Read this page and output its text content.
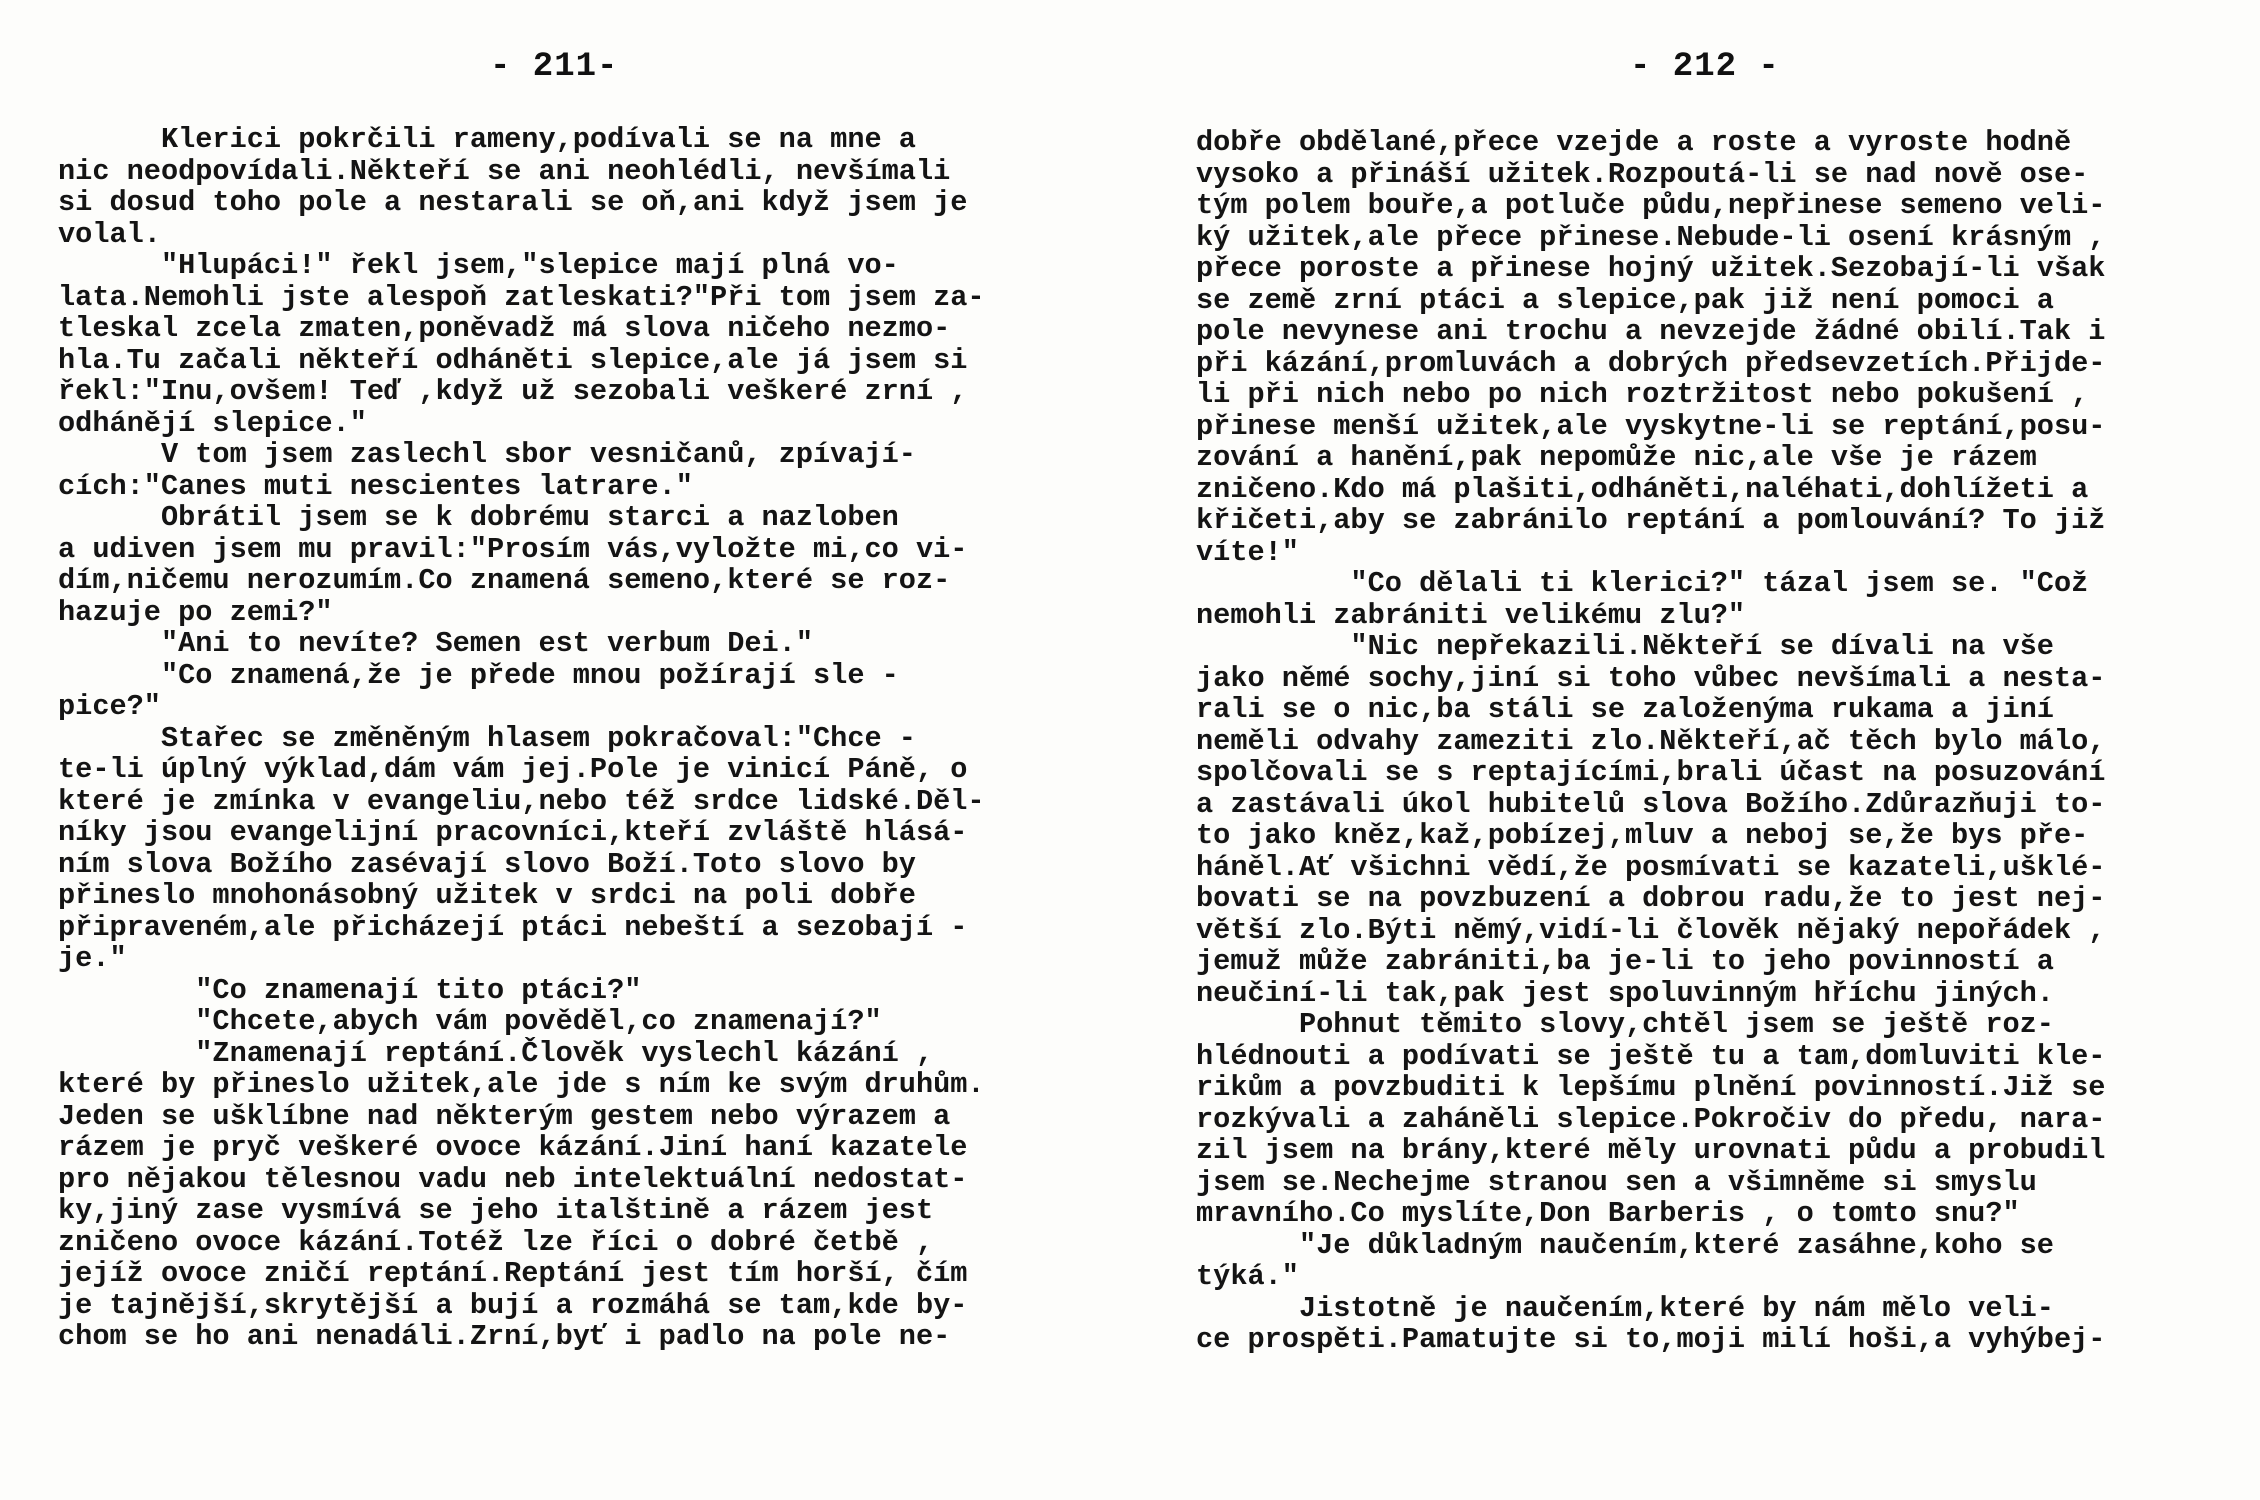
- 211-
Klerici pokrčili rameny,podívali se na mne a
nic neodpovídali.Někteří se ani neohlédli, nevšímali
si dosud toho pole a nestarali se oň,ani když jsem je
volal.
"Hlupáci!" řekl jsem,"slepice mají plná vo-
lata.Nemohli jste alespoň zatleskati?"Při tom jsem za-
tleskal zcela zmaten,poněvadž má slova ničeho nezmo-
hla.Tu začali někteří odháněti slepice,ale já jsem si
řekl:"Inu,ovšem! Teď ,když už sezobali veškeré zrní ,
odhánějí slepice."
V tom jsem zaslechl sbor vesničanů, zpívají-
cích:"Canes muti nescientes latrare."
Obrátil jsem se k dobrému starci a nazloben
a udiven jsem mu pravil:"Prosím vás,vyložte mi,co vi-
dím,ničemu nerozumím.Co znamená semeno,které se roz-
hazuje po zemi?"
"Ani to nevíte? Semen est verbum Dei."
"Co znamená,že je přede mnou požírají sle -
pice?"
Stařec se změněným hlasem pokračoval:"Chce -
te-li úplný výklad,dám vám jej.Pole je vinicí Páně, o
které je zmínka v evangeliu,nebo též srdce lidské.Děl-
níky jsou evangelijní pracovníci,kteří zvláště hlásá-
ním slova Božího zasévají slovo Boží.Toto slovo by
přineslo mnohonásobný užitek v srdci na poli dobře
připraveném,ale přicházejí ptáci nebeští a sezobají -
je."
"Co znamenají tito ptáci?"
"Chcete,abych vám pověděl,co znamenají?"
"Znamenají reptání.Člověk vyslechl kázání ,
které by přineslo užitek,ale jde s ním ke svým druhům.
Jeden se ušklíbne nad některým gestem nebo výrazem a
rázem je pryč veškeré ovoce kázání.Jiní haní kazatele
pro nějakou tělesnou vadu neb intelektuální nedostat-
ky,jiný zase vysmívá se jeho italštině a rázem jest
zničeno ovoce kázání.Totéž lze říci o dobré četbě ,
jejíž ovoce zničí reptání.Reptání jest tím horší, čím
je tajnější,skrytější a bují a rozmáhá se tam,kde by-
chom se ho ani nenadáli.Zrní,byť i padlo na pole ne-
- 212 -
dobře obdělané,přece vzejde a roste a vyroste hodně
vysoko a přináší užitek.Rozpoutá-li se nad nově ose-
tým polem bouře,a potluče půdu,nepřinese semeno veli-
ký užitek,ale přece přinese.Nebude-li osení krásným ,
přece poroste a přinese hojný užitek.Sezobají-li však
se země zrní ptáci a slepice,pak již není pomoci a
pole nevynese ani trochu a nevzejde žádné obilí.Tak i
při kázání,promluvách a dobrých předsevzetích.Přijde-
li při nich nebo po nich roztržitost nebo pokušení ,
přinese menší užitek,ale vyskytne-li se reptání,posu-
zování a hanění,pak nepomůže nic,ale vše je rázem
zničeno.Kdo má plašiti,odháněti,naléhati,dohlížeti a
křičeti,aby se zabránilo reptání a pomlouvání? To již
víte!"
"Co dělali ti klerici?" tázal jsem se. "Což
nemohli zabrániti velikému zlu?"
"Nic nepřekazili.Někteří se dívali na vše
jako němé sochy,jiní si toho vůbec nevšímali a nesta-
rali se o nic,ba stáli se založenýma rukama a jiní
neměli odvahy zameziti zlo.Někteří,ač těch bylo málo,
spolčovali se s reptajícími,brali účast na posuzování
a zastávali úkol hubitelů slova Božího.Zdůrazňuji to-
to jako kněz,kaž,pobízej,mluv a neboj se,že bys pře-
háněl.Ať všichni vědí,že posmívati se kazateli,ušklé-
bovati se na povzbuzení a dobrou radu,že to jest nej-
větší zlo.Býti němý,vidí-li člověk nějaký nepořádek ,
jemuž může zabrániti,ba je-li to jeho povinností a
neučiní-li tak,pak jest spoluvinným hříchu jiných.
Pohnut těmito slovy,chtěl jsem se ještě roz-
hlédnouti a podívati se ještě tu a tam,domluviti kle-
rikům a povzbuditi k lepšímu plnění povinností.Již se
rozkývali a zaháněli slepice.Pokročiv do předu, nara-
zil jsem na brány,které měly urovnati půdu a probudil
jsem se.Nechejme stranou sen a všimněme si smyslu
mravního.Co myslíte,Don Barberis , o tomto snu?"
"Je důkladným naučením,které zasáhne,koho se
týká."
Jistotně je naučením,které by nám mělo veli-
ce prospěti.Pamatujte si to,moji milí hoši,a vyhýbej-
